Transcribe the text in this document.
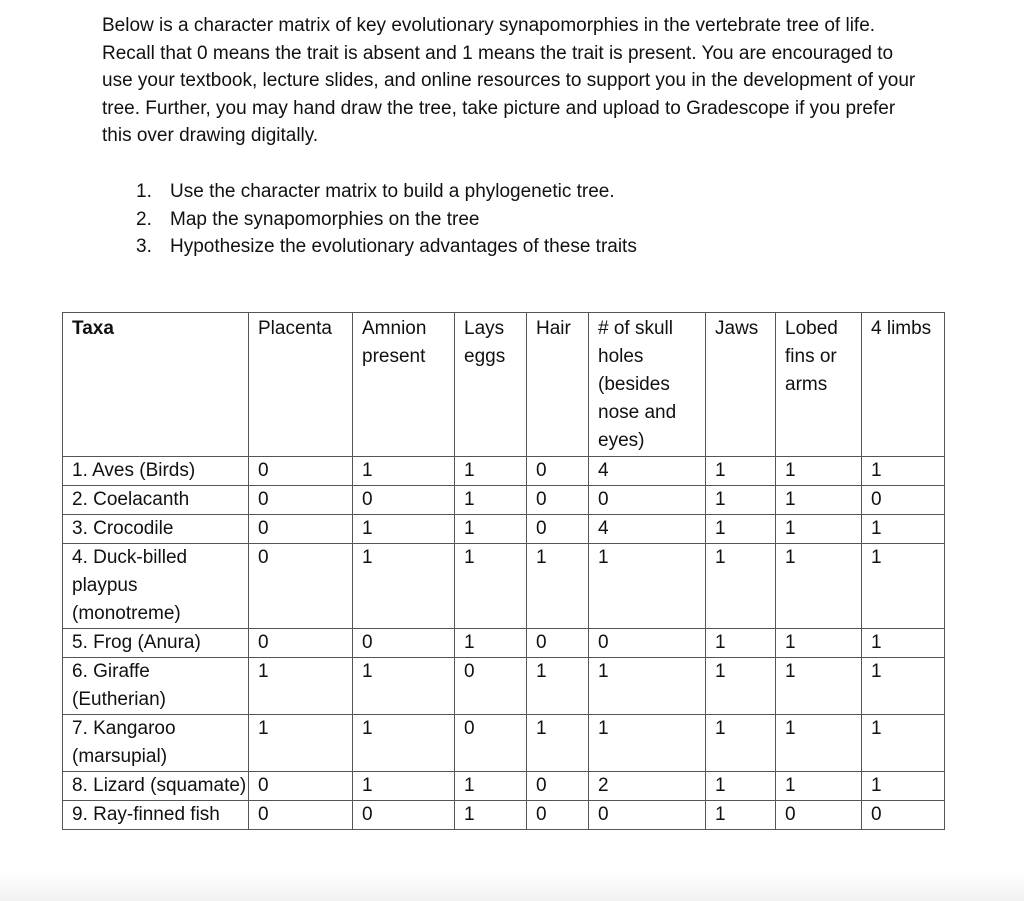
Below is a character matrix of key evolutionary synapomorphies in the vertebrate tree of life. Recall that 0 means the trait is absent and 1 means the trait is present. You are encouraged to use your textbook, lecture slides, and online resources to support you in the development of your tree. Further, you may hand draw the tree, take picture and upload to Gradescope if you prefer this over drawing digitally.

1. Use the character matrix to build a phylogenetic tree.
2. Map the synapomorphies on the tree
3. Hypothesize the evolutionary advantages of these traits
Taxa	Placenta	Amnion present	Lays eggs	Hair	# of skull holes (besides nose and eyes)	Jaws	Lobed fins or arms	4 limbs
1. Aves (Birds)	0	1	1	0	4	1	1	1
2. Coelacanth	0	0	1	0	0	1	1	0
3. Crocodile	0	1	1	0	4	1	1	1
4. Duck-billed playpus (monotreme)	0	1	1	1	1	1	1	1
5. Frog (Anura)	0	0	1	0	0	1	1	1
6. Giraffe (Eutherian)	1	1	0	1	1	1	1	1
7. Kangaroo (marsupial)	1	1	0	1	1	1	1	1
8. Lizard (squamate)	0	1	1	0	2	1	1	1
9. Ray-finned fish	0	0	1	0	0	1	0	0
